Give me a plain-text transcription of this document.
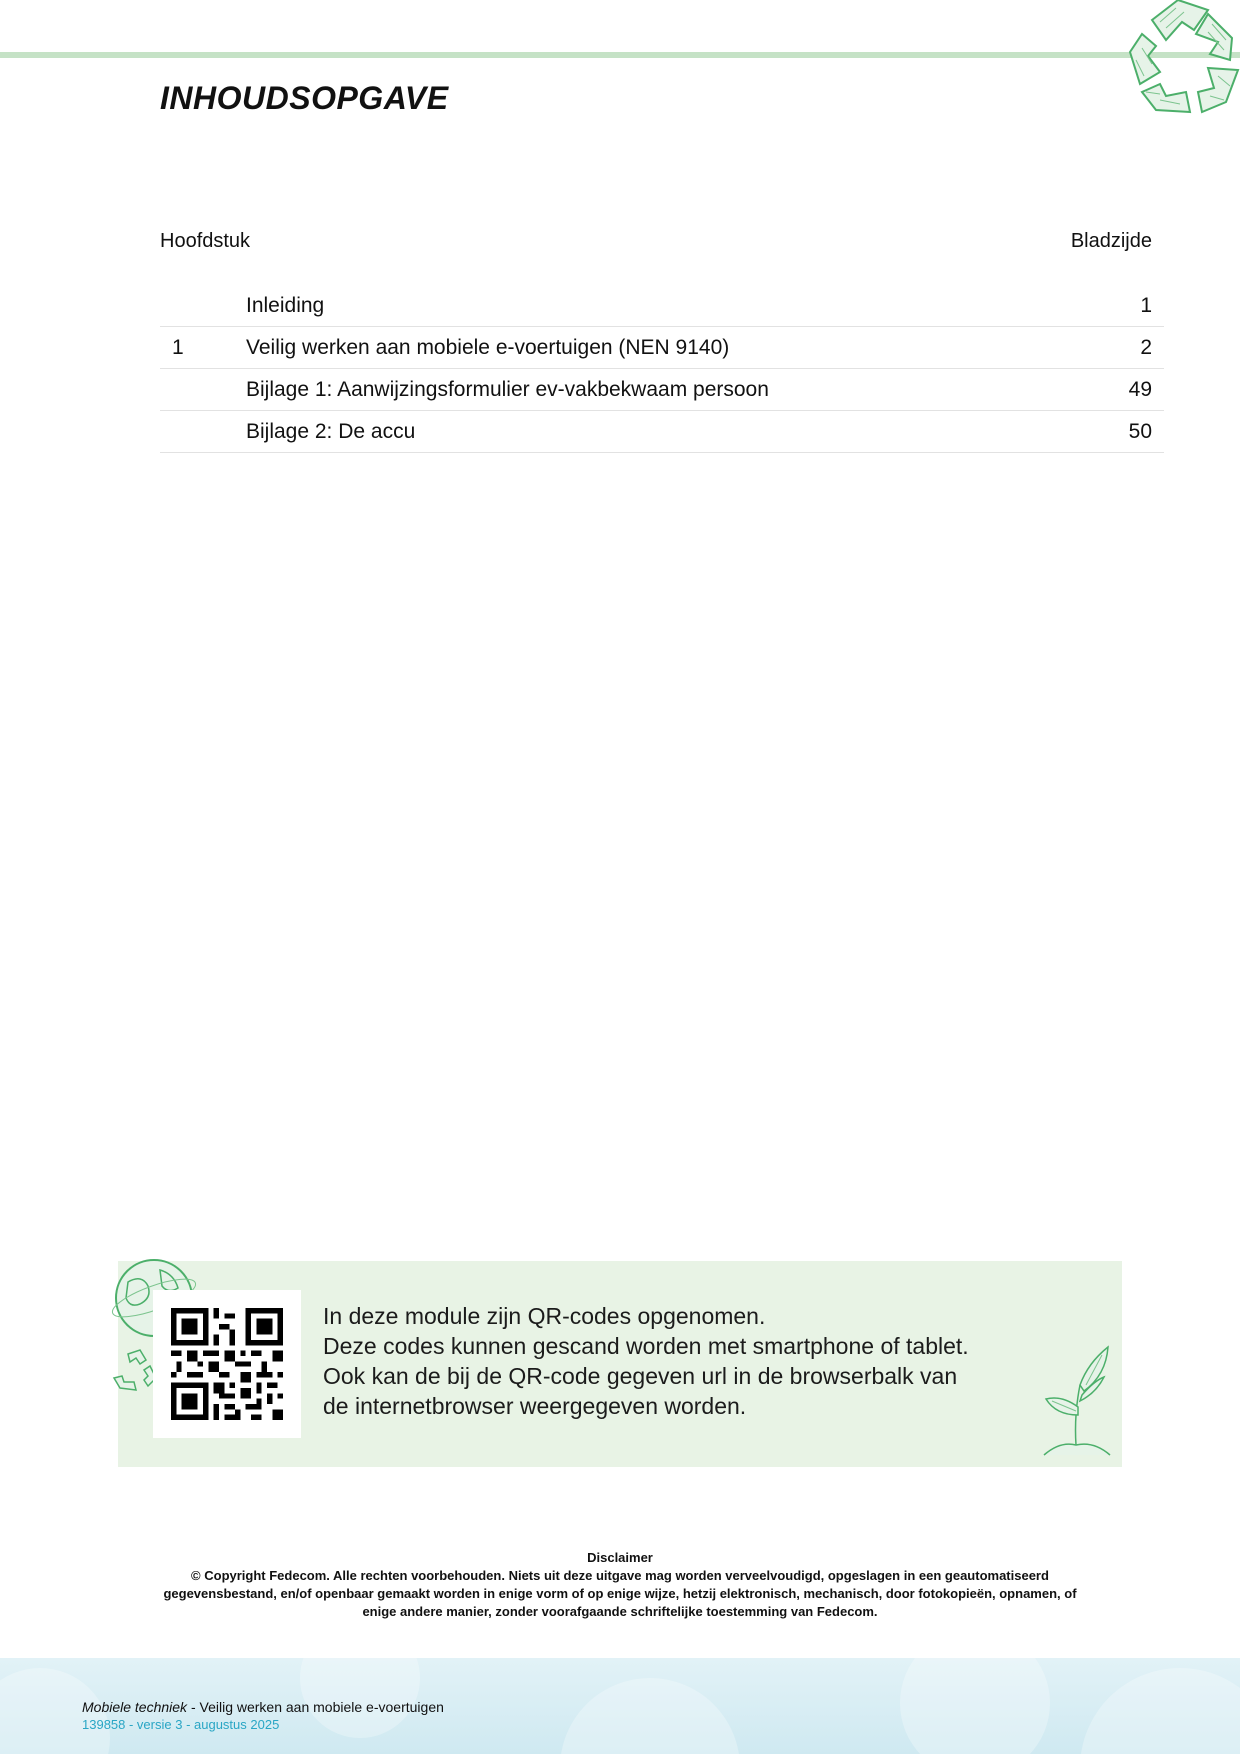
INHOUDSOPGAVE
Hoofdstuk	Bladzijde
Inleiding	1
1	Veilig werken aan mobiele e-voertuigen (NEN 9140)	2
Bijlage 1: Aanwijzingsformulier ev-vakbekwaam persoon	49
Bijlage 2: De accu	50
In deze module zijn QR-codes opgenomen.
Deze codes kunnen gescand worden met smartphone of tablet.
Ook kan de bij de QR-code gegeven url in de browserbalk van
de internetbrowser weergegeven worden.
Disclaimer
© Copyright Fedecom. Alle rechten voorbehouden. Niets uit deze uitgave mag worden verveelvoudigd, opgeslagen in een geautomatiseerd gegevensbestand, en/of openbaar gemaakt worden in enige vorm of op enige wijze, hetzij elektronisch, mechanisch, door fotokopieën, opnamen, of enige andere manier, zonder voorafgaande schriftelijke toestemming van Fedecom.
Mobiele techniek - Veilig werken aan mobiele e-voertuigen
139858 - versie 3 - augustus 2025
